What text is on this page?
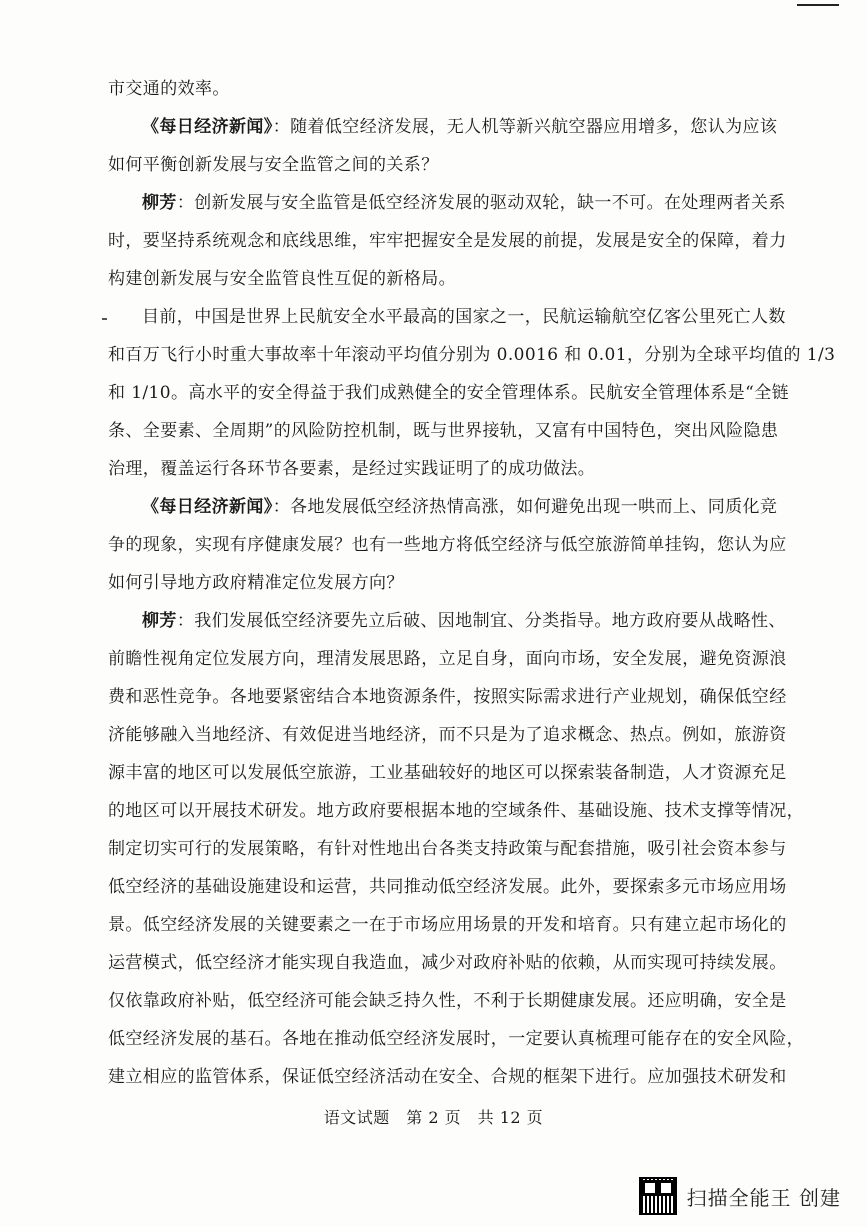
市交通的效率。
《每日经济新闻》：随着低空经济发展，无人机等新兴航空器应用增多，您认为应该
如何平衡创新发展与安全监管之间的关系？
柳芳：创新发展与安全监管是低空经济发展的驱动双轮，缺一不可。在处理两者关系
时，要坚持系统观念和底线思维，牢牢把握安全是发展的前提，发展是安全的保障，着力
构建创新发展与安全监管良性互促的新格局。
目前，中国是世界上民航安全水平最高的国家之一，民航运输航空亿客公里死亡人数
和百万飞行小时重大事故率十年滚动平均值分别为 0.0016 和 0.01，分别为全球平均值的 1/3
和 1/10。高水平的安全得益于我们成熟健全的安全管理体系。民航安全管理体系是“全链
条、全要素、全周期”的风险防控机制，既与世界接轨，又富有中国特色，突出风险隐患
治理，覆盖运行各环节各要素，是经过实践证明了的成功做法。
《每日经济新闻》：各地发展低空经济热情高涨，如何避免出现一哄而上、同质化竞
争的现象，实现有序健康发展？也有一些地方将低空经济与低空旅游简单挂钩，您认为应
如何引导地方政府精准定位发展方向？
柳芳：我们发展低空经济要先立后破、因地制宜、分类指导。地方政府要从战略性、
前瞻性视角定位发展方向，理清发展思路，立足自身，面向市场，安全发展，避免资源浪
费和恶性竞争。各地要紧密结合本地资源条件，按照实际需求进行产业规划，确保低空经
济能够融入当地经济、有效促进当地经济，而不只是为了追求概念、热点。例如，旅游资
源丰富的地区可以发展低空旅游，工业基础较好的地区可以探索装备制造，人才资源充足
的地区可以开展技术研发。地方政府要根据本地的空域条件、基础设施、技术支撑等情况，
制定切实可行的发展策略，有针对性地出台各类支持政策与配套措施，吸引社会资本参与
低空经济的基础设施建设和运营，共同推动低空经济发展。此外，要探索多元市场应用场
景。低空经济发展的关键要素之一在于市场应用场景的开发和培育。只有建立起市场化的
运营模式，低空经济才能实现自我造血，减少对政府补贴的依赖，从而实现可持续发展。
仅依靠政府补贴，低空经济可能会缺乏持久性，不利于长期健康发展。还应明确，安全是
低空经济发展的基石。各地在推动低空经济发展时，一定要认真梳理可能存在的安全风险，
建立相应的监管体系，保证低空经济活动在安全、合规的框架下进行。应加强技术研发和
语文试题　第 2 页　共 12 页
扫描全能王 创建
